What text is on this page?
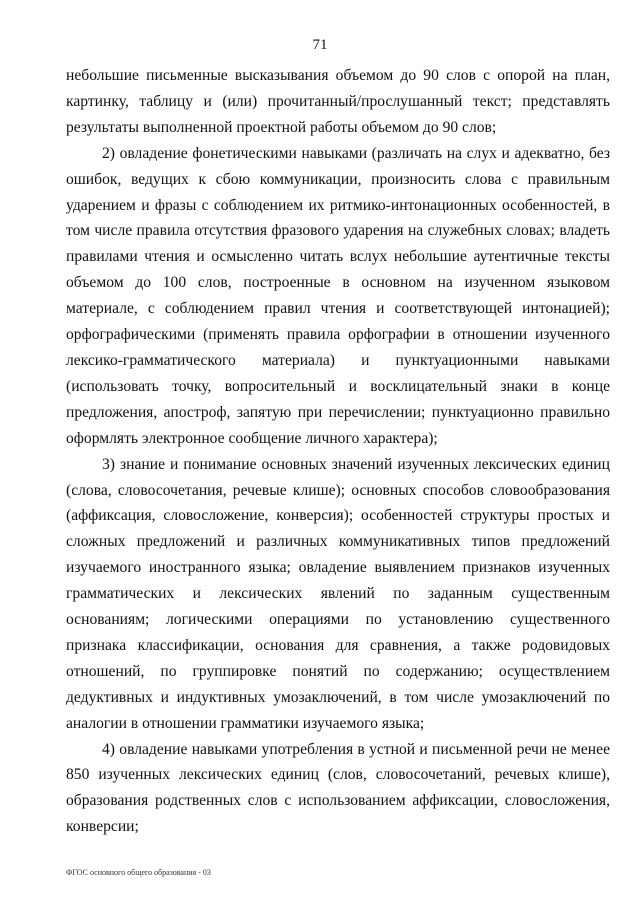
71

небольшие письменные высказывания объемом до 90 слов с опорой на план, картинку, таблицу и (или) прочитанный/прослушанный текст; представлять результаты выполненной проектной работы объемом до 90 слов;

2) овладение фонетическими навыками (различать на слух и адекватно, без ошибок, ведущих к сбою коммуникации, произносить слова с правильным ударением и фразы с соблюдением их ритмико-интонационных особенностей, в том числе правила отсутствия фразового ударения на служебных словах; владеть правилами чтения и осмысленно читать вслух небольшие аутентичные тексты объемом до 100 слов, построенные в основном на изученном языковом материале, с соблюдением правил чтения и соответствующей интонацией); орфографическими (применять правила орфографии в отношении изученного лексико-грамматического материала) и пунктуационными навыками (использовать точку, вопросительный и восклицательный знаки в конце предложения, апостроф, запятую при перечислении; пунктуационно правильно оформлять электронное сообщение личного характера);

3) знание и понимание основных значений изученных лексических единиц (слова, словосочетания, речевые клише); основных способов словообразования (аффиксация, словосложение, конверсия); особенностей структуры простых и сложных предложений и различных коммуникативных типов предложений изучаемого иностранного языка; овладение выявлением признаков изученных грамматических и лексических явлений по заданным существенным основаниям; логическими операциями по установлению существенного признака классификации, основания для сравнения, а также родовидовых отношений, по группировке понятий по содержанию; осуществлением дедуктивных и индуктивных умозаключений, в том числе умозаключений по аналогии в отношении грамматики изучаемого языка;

4) овладение навыками употребления в устной и письменной речи не менее 850 изученных лексических единиц (слов, словосочетаний, речевых клише), образования родственных слов с использованием аффиксации, словосложения, конверсии;

ФГОС основного общего образования - 03
